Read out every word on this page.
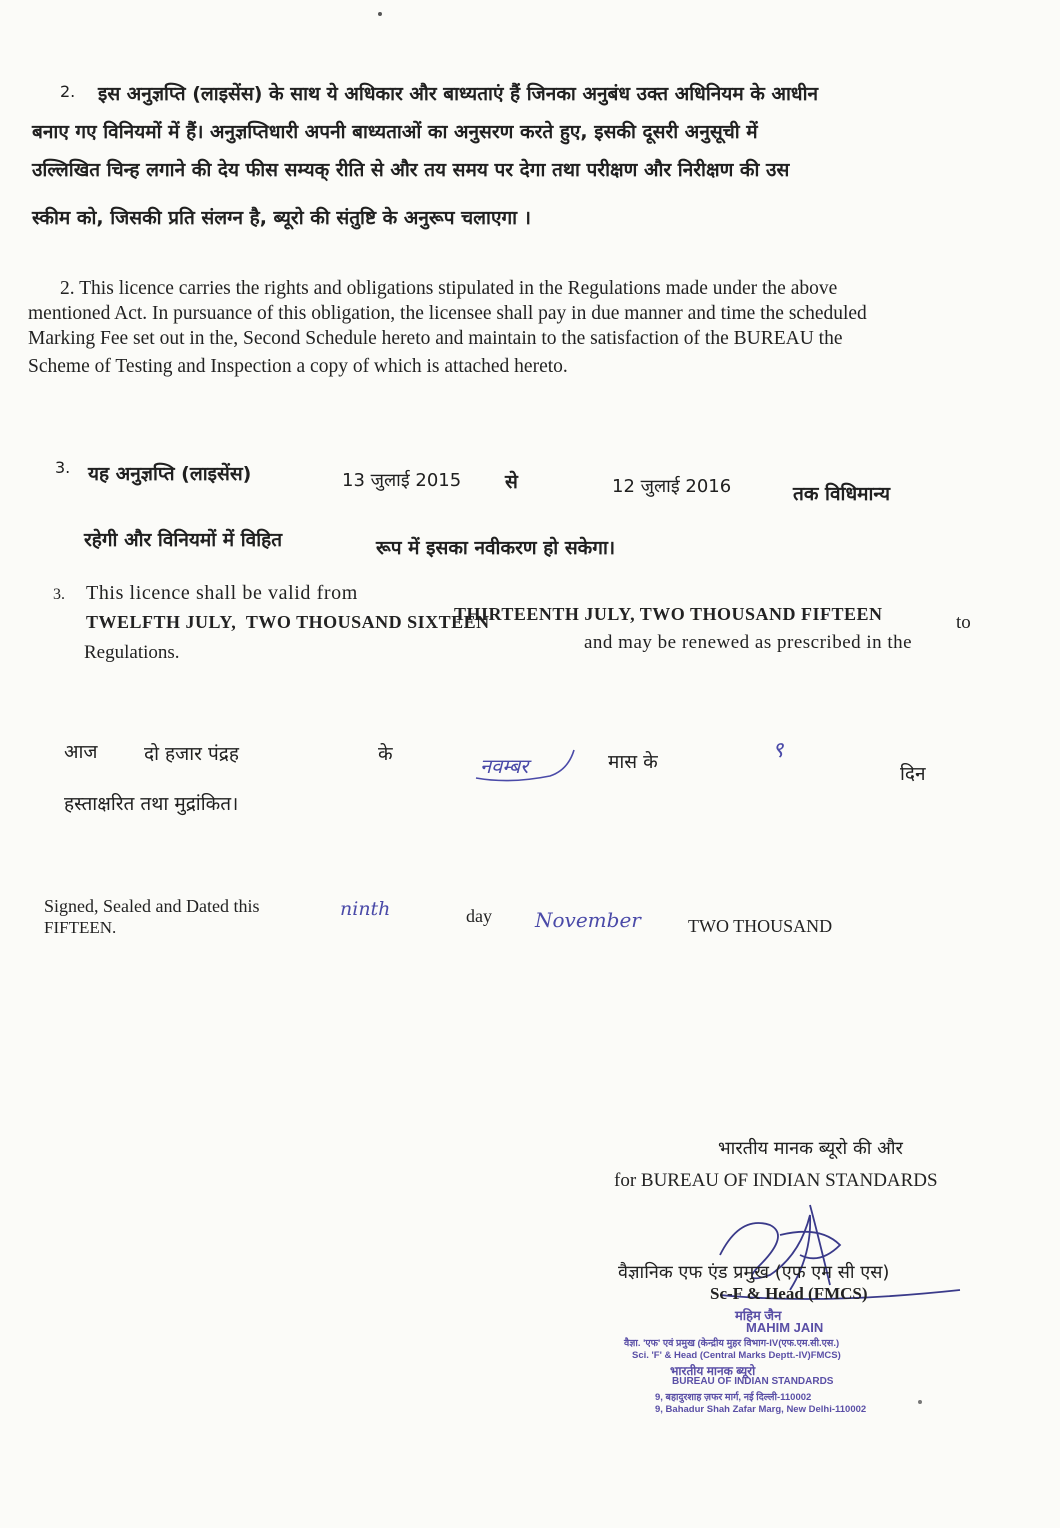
2. इस अनुज्ञप्ति (लाइसेंस) के साथ ये अधिकार और बाध्यताएं हैं जिनका अनुबंध उक्त अधिनियम के आधीन
बनाए गए विनियमों में हैं। अनुज्ञप्तिधारी अपनी बाध्यताओं का अनुसरण करते हुए, इसकी दूसरी अनुसूची में
उल्लिखित चिन्ह लगाने की देय फीस सम्यक् रीति से और तय समय पर देगा तथा परीक्षण और निरीक्षण की उस
स्कीम को, जिसकी प्रति संलग्न है, ब्यूरो की संतुष्टि के अनुरूप चलाएगा ।
2. This licence carries the rights and obligations stipulated in the Regulations made under the above
mentioned Act. In pursuance of this obligation, the licensee shall pay in due manner and time the scheduled
Marking Fee set out in the, Second Schedule hereto and maintain to the satisfaction of the BUREAU the
Scheme of Testing and Inspection a copy of which is attached hereto.
3. यह अनुज्ञप्ति (लाइसेंस)	13 जुलाई 2015 से	12 जुलाई 2016	तक विधिमान्य
रहेगी और विनियमों में विहित	रूप में इसका नवीकरण हो सकेगा।
3. This licence shall be valid from
THIRTEENTH JULY, TWO THOUSAND FIFTEEN	to
TWELFTH JULY,  TWO THOUSAND SIXTEEN
and may be renewed as prescribed in the
Regulations.
आज दो हजार पंद्रह	के	नवम्बर	मास के	९
दिन
हस्ताक्षरित तथा मुद्रांकित।
Signed, Sealed and Dated this
FIFTEEN.
ninth	day November	TWO THOUSAND
भारतीय मानक ब्यूरो की और
for BUREAU OF INDIAN STANDARDS
वैज्ञानिक एफ एंड प्रमुख (एफ एम सी एस)
Sc-F & Head (FMCS)
महिम जैन
MAHIM JAIN
वैज्ञा. 'एफ' एवं प्रमुख (केन्द्रीय मुहर विभाग-IV(एफ.एम.सी.एस.)
Sci. 'F' & Head (Central Marks Deptt.-IV)FMCS)
भारतीय मानक ब्यूरो
BUREAU OF INDIAN STANDARDS
9, बहादुरशाह ज़फर मार्ग, नई दिल्ली-110002
9, Bahadur Shah Zafar Marg, New Delhi-110002
